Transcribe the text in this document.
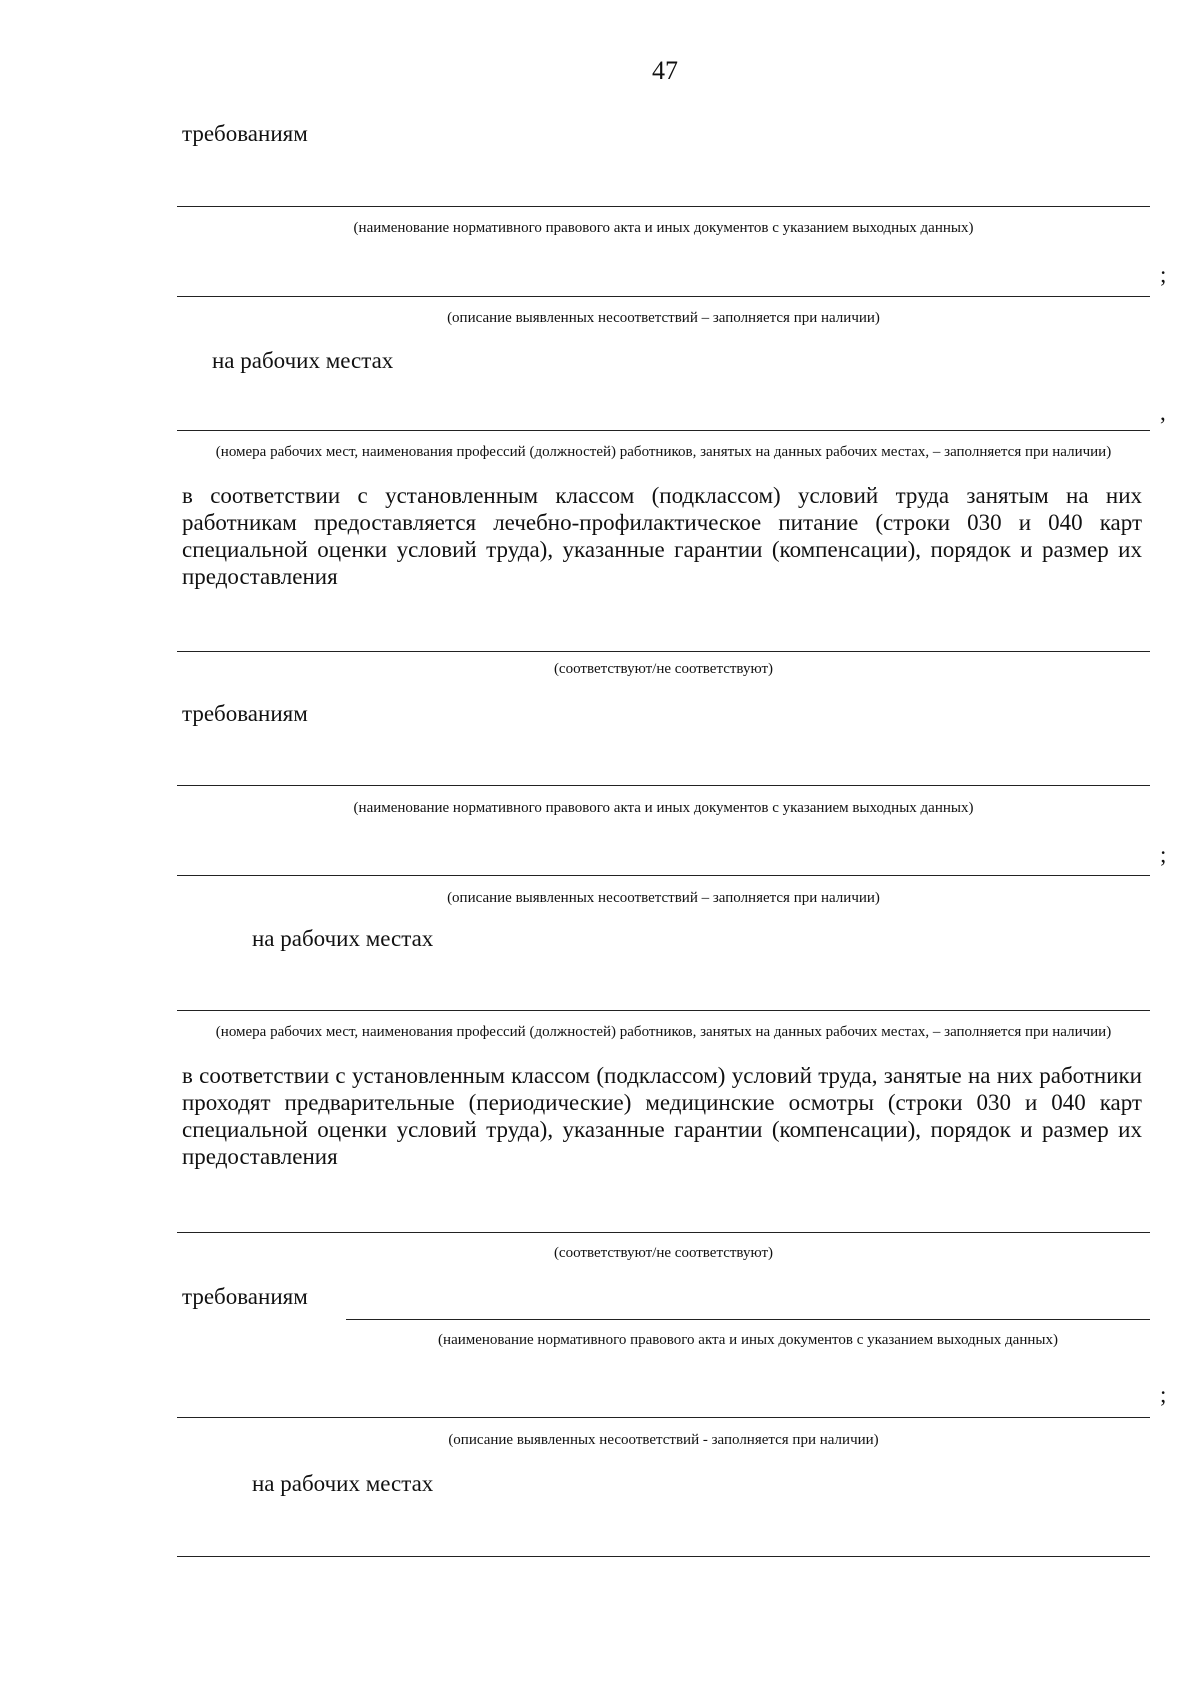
47
требованиям
(наименование нормативного правового акта и иных документов с указанием выходных данных)
;
(описание выявленных несоответствий – заполняется при наличии)
на рабочих местах
,
(номера рабочих мест, наименования профессий (должностей) работников, занятых на данных рабочих местах, – заполняется при наличии)
в соответствии с установленным классом (подклассом) условий труда занятым на них работникам предоставляется лечебно-профилактическое питание (строки 030 и 040 карт специальной оценки условий труда), указанные гарантии (компенсации), порядок и размер их предоставления
(соответствуют/не соответствуют)
требованиям
(наименование нормативного правового акта и иных документов с указанием выходных данных)
;
(описание выявленных несоответствий – заполняется при наличии)
на рабочих местах
(номера рабочих мест, наименования профессий (должностей) работников, занятых на данных рабочих местах, – заполняется при наличии)
в соответствии с установленным классом (подклассом) условий труда, занятые на них работники проходят предварительные (периодические) медицинские осмотры (строки 030 и 040 карт специальной оценки условий труда), указанные гарантии (компенсации), порядок и размер их предоставления
(соответствуют/не соответствуют)
требованиям
(наименование нормативного правового акта и иных документов с указанием выходных данных)
;
(описание выявленных несоответствий - заполняется при наличии)
на рабочих местах
